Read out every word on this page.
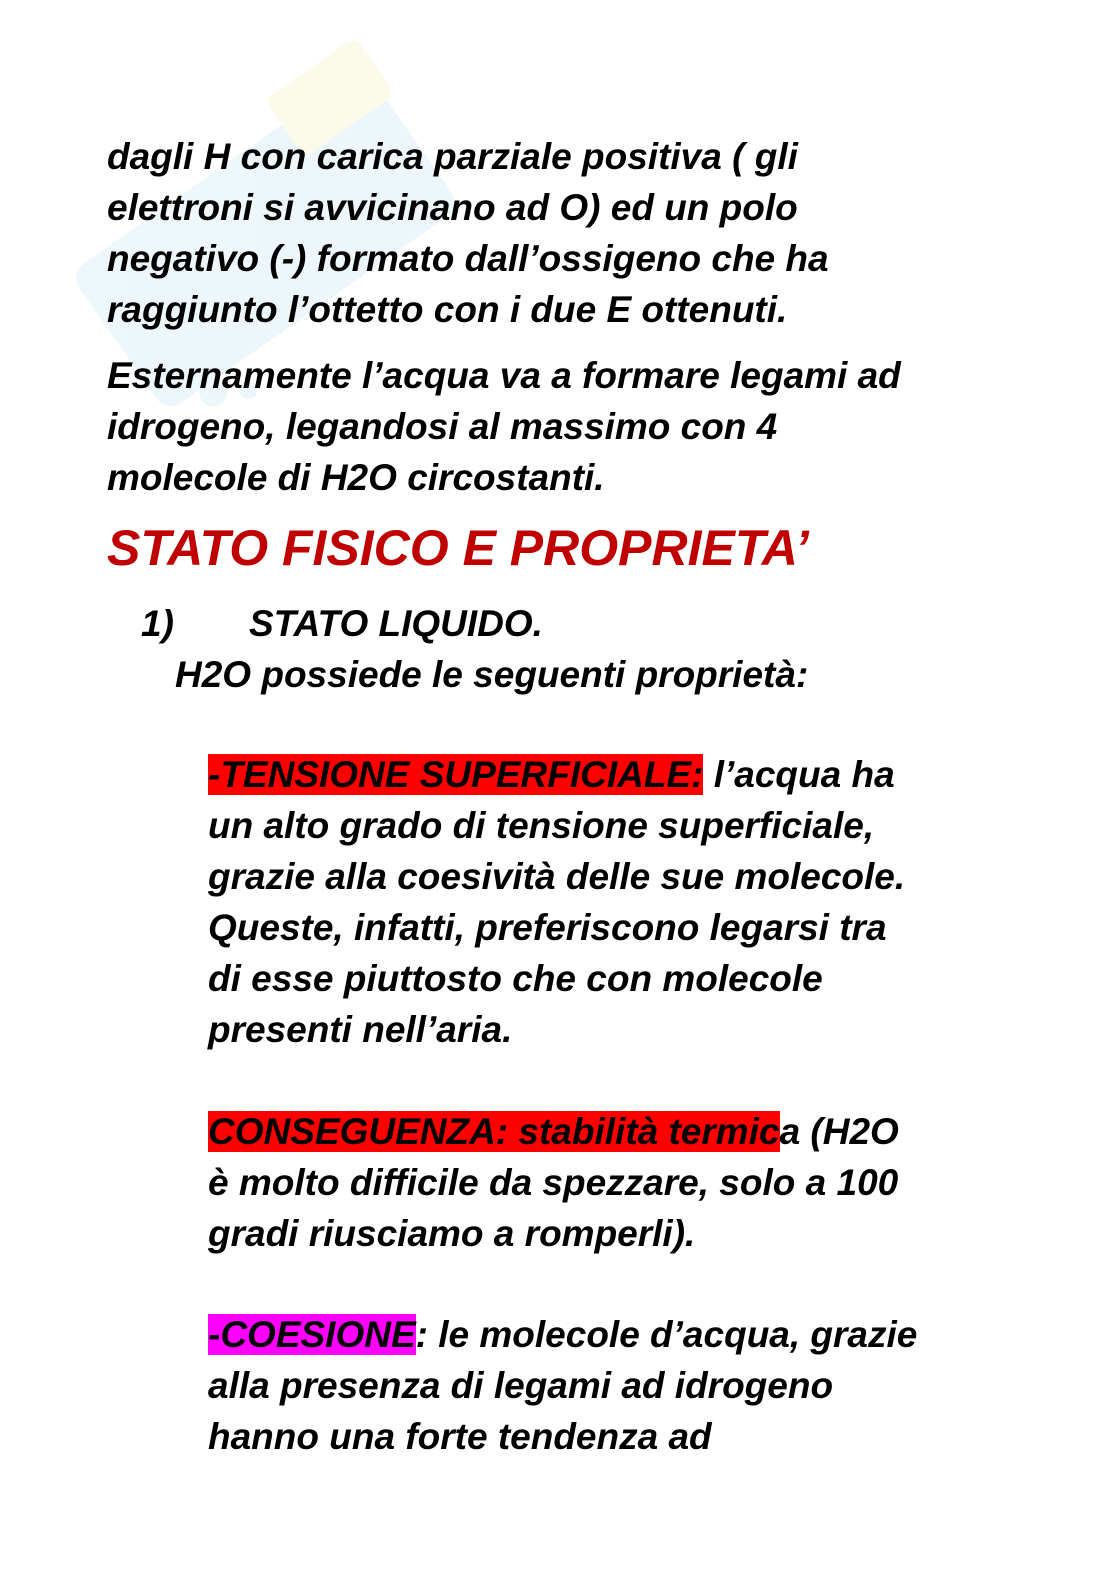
dagli H con carica parziale positiva ( gli
elettroni si avvicinano ad O) ed un polo
negativo (-) formato dall’ossigeno che ha
raggiunto l’ottetto con i due E ottenuti.

Esternamente l’acqua va a formare legami ad
idrogeno, legandosi al massimo con 4
molecole di H2O circostanti.

STATO FISICO E PROPRIETA’
1) STATO LIQUIDO.
H2O possiede le seguenti proprietà:
-TENSIONE SUPERFICIALE: l’acqua ha
un alto grado di tensione superficiale,
grazie alla coesività delle sue molecole.
Queste, infatti, preferiscono legarsi tra
di esse piuttosto che con molecole
presenti nell’aria.
CONSEGUENZA: stabilità termica (H2O
è molto difficile da spezzare, solo a 100
gradi riusciamo a romperli).
-COESIONE: le molecole d’acqua, grazie
alla presenza di legami ad idrogeno
hanno una forte tendenza ad
